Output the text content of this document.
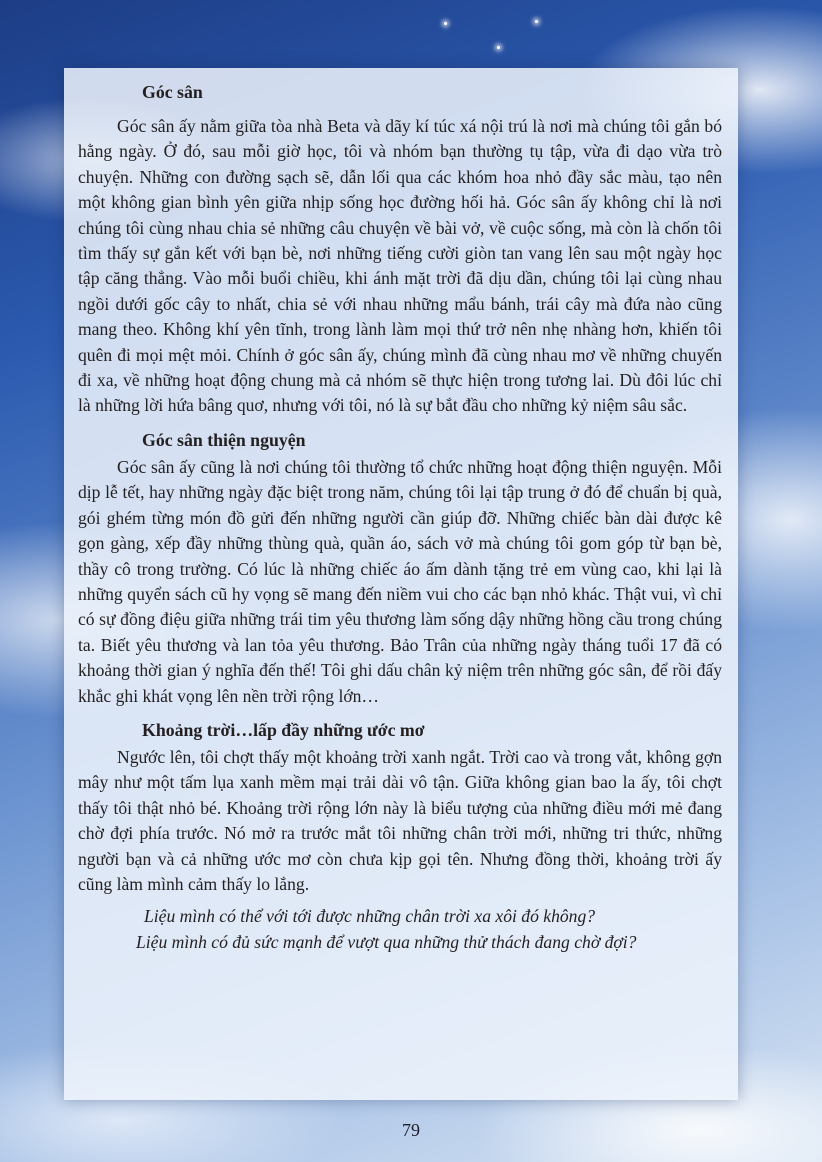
Góc sân

Góc sân ấy nằm giữa tòa nhà Beta và dãy kí túc xá nội trú là nơi mà chúng tôi gắn bó hằng ngày. Ở đó, sau mỗi giờ học, tôi và nhóm bạn thường tụ tập, vừa đi dạo vừa trò chuyện. Những con đường sạch sẽ, dẫn lối qua các khóm hoa nhỏ đầy sắc màu, tạo nên một không gian bình yên giữa nhịp sống học đường hối hả. Góc sân ấy không chỉ là nơi chúng tôi cùng nhau chia sẻ những câu chuyện về bài vở, về cuộc sống, mà còn là chốn tôi tìm thấy sự gắn kết với bạn bè, nơi những tiếng cười giòn tan vang lên sau một ngày học tập căng thẳng. Vào mỗi buổi chiều, khi ánh mặt trời đã dịu dần, chúng tôi lại cùng nhau ngồi dưới gốc cây to nhất, chia sẻ với nhau những mẩu bánh, trái cây mà đứa nào cũng mang theo. Không khí yên tĩnh, trong lành làm mọi thứ trở nên nhẹ nhàng hơn, khiến tôi quên đi mọi mệt mỏi. Chính ở góc sân ấy, chúng mình đã cùng nhau mơ về những chuyến đi xa, về những hoạt động chung mà cả nhóm sẽ thực hiện trong tương lai. Dù đôi lúc chỉ là những lời hứa bâng quơ, nhưng với tôi, nó là sự bắt đầu cho những kỷ niệm sâu sắc.

Góc sân thiện nguyện

Góc sân ấy cũng là nơi chúng tôi thường tổ chức những hoạt động thiện nguyện. Mỗi dịp lễ tết, hay những ngày đặc biệt trong năm, chúng tôi lại tập trung ở đó để chuẩn bị quà, gói ghém từng món đồ gửi đến những người cần giúp đỡ. Những chiếc bàn dài được kê gọn gàng, xếp đầy những thùng quà, quần áo, sách vở mà chúng tôi gom góp từ bạn bè, thầy cô trong trường. Có lúc là những chiếc áo ấm dành tặng trẻ em vùng cao, khi lại là những quyển sách cũ hy vọng sẽ mang đến niềm vui cho các bạn nhỏ khác. Thật vui, vì chỉ có sự đồng điệu giữa những trái tim yêu thương làm sống dậy những hồng cầu trong chúng ta. Biết yêu thương và lan tỏa yêu thương. Bảo Trân của những ngày tháng tuổi 17 đã có khoảng thời gian ý nghĩa đến thế! Tôi ghi dấu chân kỷ niệm trên những góc sân, để rồi đấy khắc ghi khát vọng lên nền trời rộng lớn…

Khoảng trời…lấp đầy những ước mơ

Ngước lên, tôi chợt thấy một khoảng trời xanh ngắt. Trời cao và trong vắt, không gợn mây như một tấm lụa xanh mềm mại trải dài vô tận. Giữa không gian bao la ấy, tôi chợt thấy tôi thật nhỏ bé. Khoảng trời rộng lớn này là biểu tượng của những điều mới mẻ đang chờ đợi phía trước. Nó mở ra trước mắt tôi những chân trời mới, những tri thức, những người bạn và cả những ước mơ còn chưa kịp gọi tên. Nhưng đồng thời, khoảng trời ấy cũng làm mình cảm thấy lo lắng.

Liệu mình có thể với tới được những chân trời xa xôi đó không?
Liệu mình có đủ sức mạnh để vượt qua những thử thách đang chờ đợi?
79
